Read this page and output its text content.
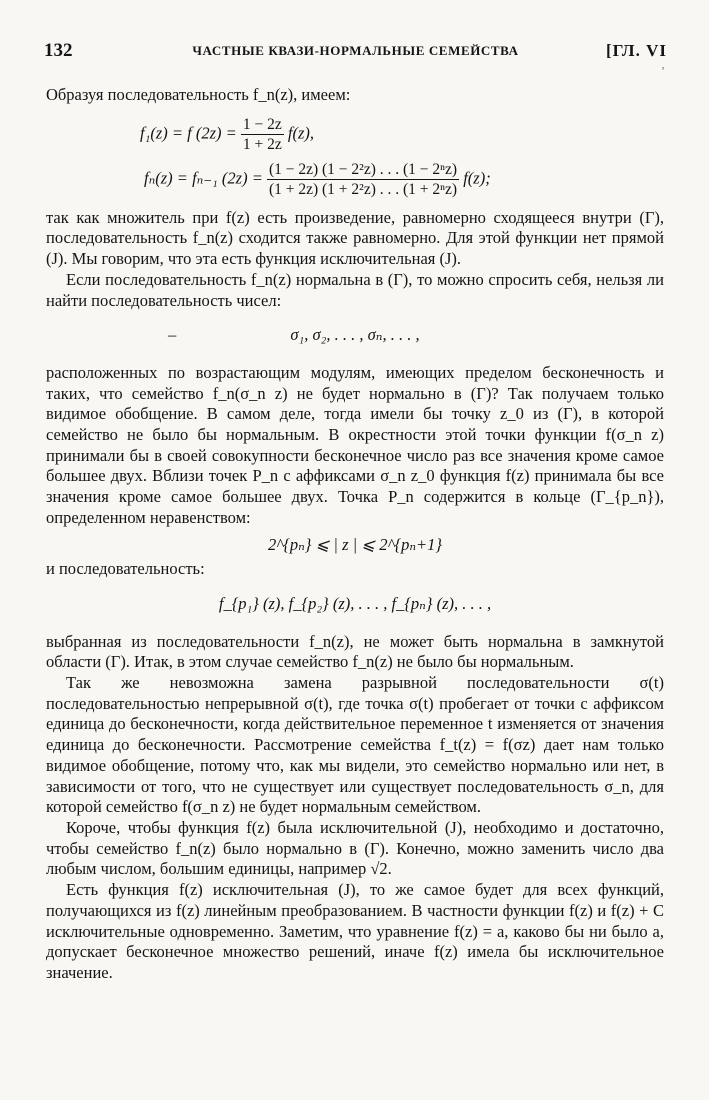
132	ЧАСТНЫЕ КВАЗИ-НОРМАЛЬНЫЕ СЕМЕЙСТВА	[ГЛ. VI
ʼ

Образуя последовательность f_n(z), имеем:

f₁(z) = f $(2z) = \frac{1 - 2z}{1 + 2z} f(z)$,
fₙ(z) = fₙ₋₁ $(2z) = \frac{\text{(1 − 2z) (1 − 2²z) . . . (1 − 2ⁿz)}}{\text{(1 + 2z) (1 + 2²z) . . . (1 + 2ⁿz)}} f(z)$;

так как множитель при f(z) есть произведение, равномерно сходящееся внутри (Γ), последовательность f_n(z) сходится также равномерно. Для этой функции нет прямой (J). Мы говорим, что эта есть функция исключительная (J).

Если последовательность f_n(z) нормальна в (Γ), то можно спросить себя, нельзя ли найти последовательность чисел:

–	σ₁, σ₂, . . . , σₙ, . . . ,

расположенных по возрастающим модулям, имеющих пределом бесконечность и таких, что семейство f_n(σ_n z) не будет нормально в (Γ)? Так получаем только видимое обобщение. В самом деле, тогда имели бы точку z_0 из (Γ), в которой семейство не было бы нормальным. В окрестности этой точки функции f(σ_n z) принимали бы в своей совокупности бесконечное число раз все значения кроме самое большее двух. Вблизи точек P_n с аффиксами σ_n z_0 функция f(z) принимала бы все значения кроме самое большее двух. Точка P_n содержится в кольце (Γ_{p_n}), определенном неравенством:

2^{pₙ} ⩽ | z | ⩽ 2^{pₙ+1}

и последовательность:

f_{p₁} (z), f_{p₂} (z), . . . , f_{pₙ} (z), . . . ,

выбранная из последовательности f_n(z), не может быть нормальна в замкнутой области (Γ). Итак, в этом случае семейство f_n(z) не было бы нормальным.

Так же невозможна замена разрывной последовательности σ(t) последовательностью непрерывной σ(t), где точка σ(t) пробегает от точки с аффиксом единица до бесконечности, когда действительное переменное t изменяется от значения единица до бесконечности. Рассмотрение семейства f_t(z) = f(σz) дает нам только видимое обобщение, потому что, как мы видели, это семейство нормально или нет, в зависимости от того, что не существует или существует последовательность σ_n, для которой семейство f(σ_n z) не будет нормальным семейством.

Короче, чтобы функция f(z) была исключительной (J), необходимо и достаточно, чтобы семейство f_n(z) было нормально в (Γ). Конечно, можно заменить число два любым числом, большим единицы, например √2.

Есть функция f(z) исключительная (J), то же самое будет для всех функций, получающихся из f(z) линейным преобразованием. В частности функции f(z) и f(z) + C исключительные одновременно. Заметим, что уравнение f(z) = a, каково бы ни было a, допускает бесконечное множество решений, иначе f(z) имела бы исключительное значение.
